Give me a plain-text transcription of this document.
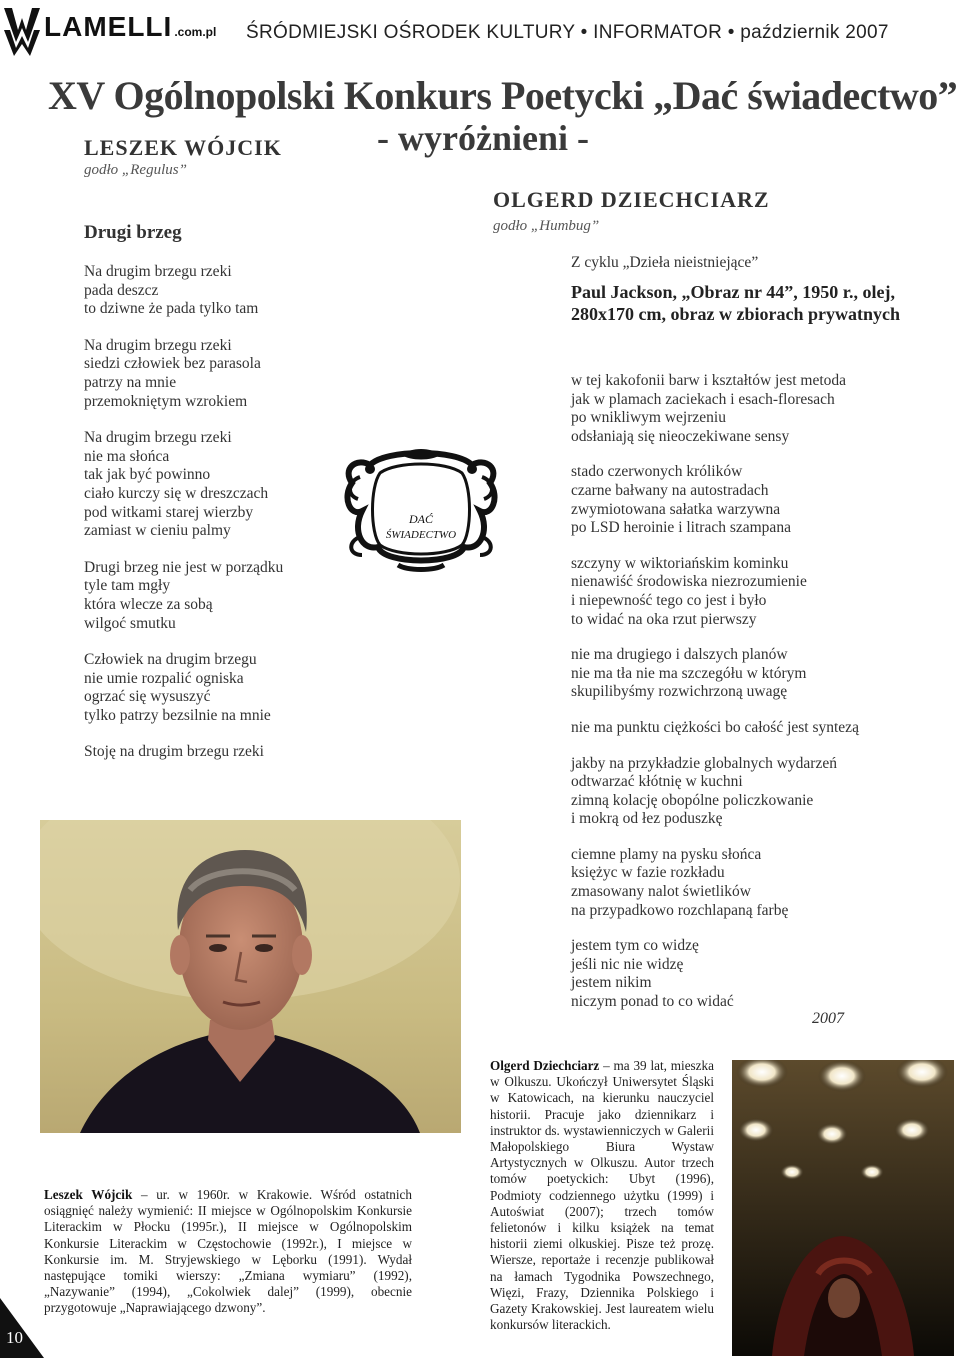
LAMELLI .com.pl ŚRÓDMIEJSKI OŚRODEK KULTURY • INFORMATOR • październik 2007
XV Ogólnopolski Konkurs Poetycki „Dać świadectwo”
- wyróżnieni -
LESZEK WÓJCIK
godło „Regulus”
Drugi brzeg
Na drugim brzegu rzeki
pada deszcz
to dziwne że pada tylko tam
Na drugim brzegu rzeki
siedzi człowiek bez parasola
patrzy na mnie
przemokniętym wzrokiem
Na drugim brzegu rzeki
nie ma słońca
tak jak być powinno
ciało kurczy się w dreszczach
pod witkami starej wierzby
zamiast w cieniu palmy
Drugi brzeg nie jest w porządku
tyle tam mgły
która wlecze za sobą
wilgoć smutku
Człowiek na drugim brzegu
nie umie rozpalić ogniska
ogrzać się wysuszyć
tylko patrzy bezsilnie na mnie
Stoję na drugim brzegu rzeki
DAĆ
ŚWIADECTWO
Leszek Wójcik – ur. w 1960r. w Krakowie. Wśród ostatnich osiągnięć należy wymienić: II miejsce w Ogólnopolskim Konkursie Literackim w Płocku (1995r.), II miejsce w Ogólnopolskim Konkursie Literackim w Częstochowie (1992r.), I miejsce w Konkursie im. M. Stryjewskiego w Lęborku (1991). Wydał następujące tomiki wierszy: „Zmiana wymiaru” (1992), „Nazywanie” (1994), „Cokolwiek dalej” (1999), obecnie przygotowuje „Naprawiającego dzwony”.
OLGERD DZIECHCIARZ
godło „Humbug”
Z cyklu „Dzieła nieistniejące”
Paul Jackson, „Obraz nr 44”, 1950 r., olej, 280x170 cm, obraz w zbiorach prywatnych
w tej kakofonii barw i kształtów jest metoda
jak w plamach zaciekach i esach-floresach
po wnikliwym wejrzeniu
odsłaniają się nieoczekiwane sensy
stado czerwonych królików
czarne bałwany na autostradach
zwymiotowana sałatka warzywna
po LSD heroinie i litrach szampana
szczyny w wiktoriańskim kominku
nienawiść środowiska niezrozumienie
i niepewność tego co jest i było
to widać na oka rzut pierwszy
nie ma drugiego i dalszych planów
nie ma tła nie ma szczegółu w którym
skupilibyśmy rozwichrzoną uwagę
nie ma punktu ciężkości bo całość jest syntezą
jakby na przykładzie globalnych wydarzeń
odtwarzać kłótnię w kuchni
zimną kolację obopólne policzkowanie
i mokrą od łez poduszkę
ciemne plamy na pysku słońca
księżyc w fazie rozkładu
zmasowany nalot świetlików
na przypadkowo rozchlapaną farbę
jestem tym co widzę
jeśli nic nie widzę
jestem nikim
niczym ponad to co widać
2007
Olgerd Dziechciarz – ma 39 lat, mieszka w Olkuszu. Ukończył Uniwersytet Śląski w Katowicach, na kierunku nauczyciel historii. Pracuje jako dziennikarz i instruktor ds. wystawienniczych w Galerii Małopolskiego Biura Wystaw Artystycznych w Olkuszu. Autor trzech tomów poetyckich: Ubyt (1996), Podmioty codziennego użytku (1999) i Autoświat (2007); trzech tomów felietonów i kilku książek na temat historii ziemi olkuskiej. Pisze też prozę. Wiersze, reportaże i recenzje publikował na łamach Tygodnika Powszechnego, Więzi, Frazy, Dziennika Polskiego i Gazety Krakowskiej. Jest laureatem wielu konkursów literackich.
10
